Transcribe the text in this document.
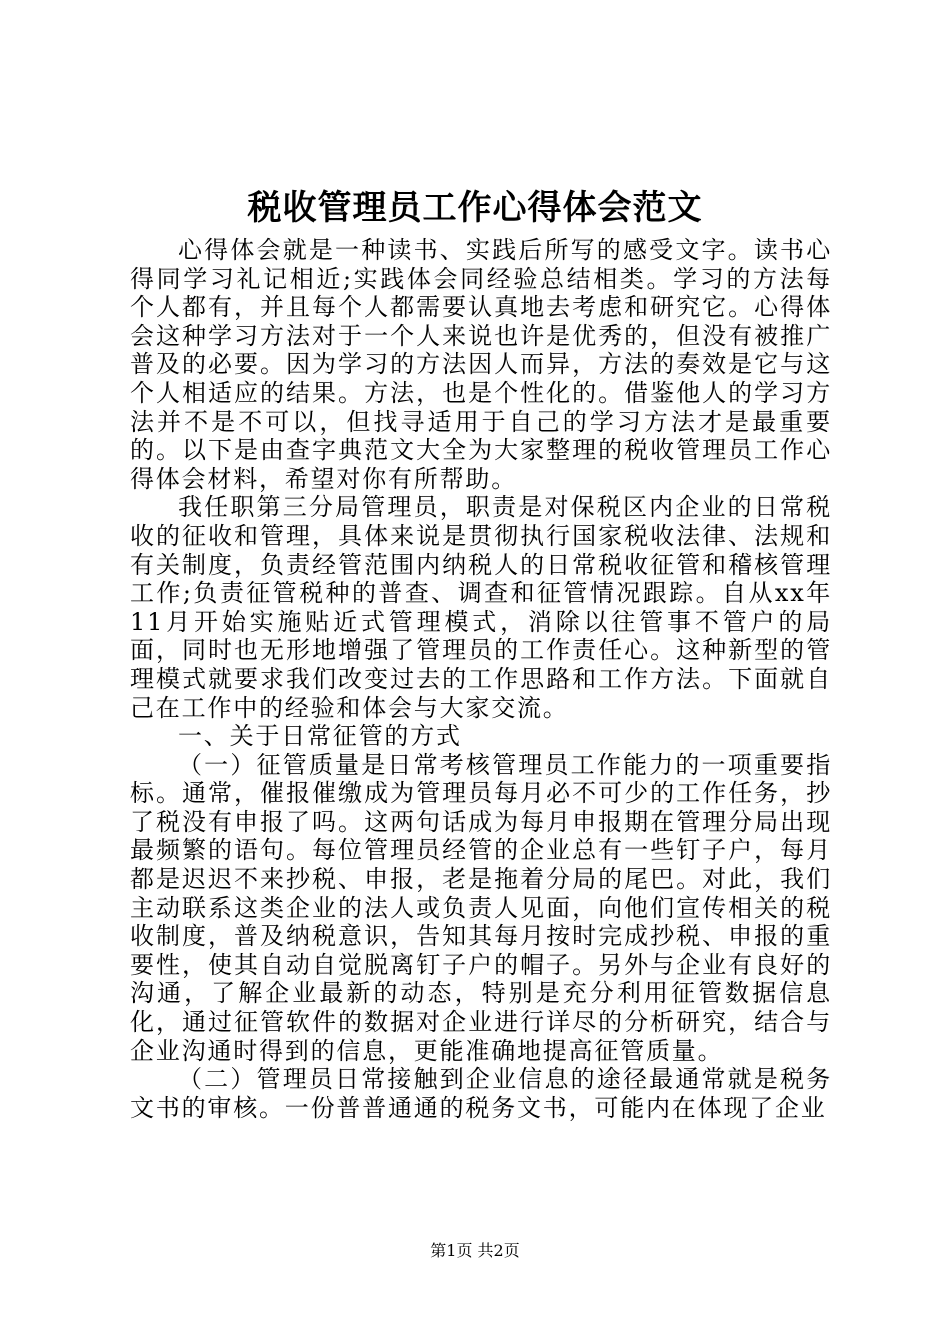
税收管理员工作心得体会范文

心得体会就是一种读书、实践后所写的感受文字。读书心得同学习礼记相近;实践体会同经验总结相类。学习的方法每个人都有，并且每个人都需要认真地去考虑和研究它。心得体会这种学习方法对于一个人来说也许是优秀的，但没有被推广普及的必要。因为学习的方法因人而异，方法的奏效是它与这个人相适应的结果。方法，也是个性化的。借鉴他人的学习方法并不是不可以，但找寻适用于自己的学习方法才是最重要的。以下是由查字典范文大全为大家整理的税收管理员工作心得体会材料，希望对你有所帮助。

我任职第三分局管理员，职责是对保税区内企业的日常税收的征收和管理，具体来说是贯彻执行国家税收法律、法规和有关制度，负责经管范围内纳税人的日常税收征管和稽核管理工作;负责征管税种的普查、调查和征管情况跟踪。自从xx年11月开始实施贴近式管理模式，消除以往管事不管户的局面，同时也无形地增强了管理员的工作责任心。这种新型的管理模式就要求我们改变过去的工作思路和工作方法。下面就自己在工作中的经验和体会与大家交流。

一、关于日常征管的方式

（一）征管质量是日常考核管理员工作能力的一项重要指标。通常，催报催缴成为管理员每月必不可少的工作任务，抄了税没有申报了吗。这两句话成为每月申报期在管理分局出现最频繁的语句。每位管理员经管的企业总有一些钉子户，每月都是迟迟不来抄税、申报，老是拖着分局的尾巴。对此，我们主动联系这类企业的法人或负责人见面，向他们宣传相关的税收制度，普及纳税意识，告知其每月按时完成抄税、申报的重要性，使其自动自觉脱离钉子户的帽子。另外与企业有良好的沟通，了解企业最新的动态，特别是充分利用征管数据信息化，通过征管软件的数据对企业进行详尽的分析研究，结合与企业沟通时得到的信息，更能准确地提高征管质量。

（二）管理员日常接触到企业信息的途径最通常就是税务文书的审核。一份普普通通的税务文书，可能内在体现了企业

第1页 共2页
